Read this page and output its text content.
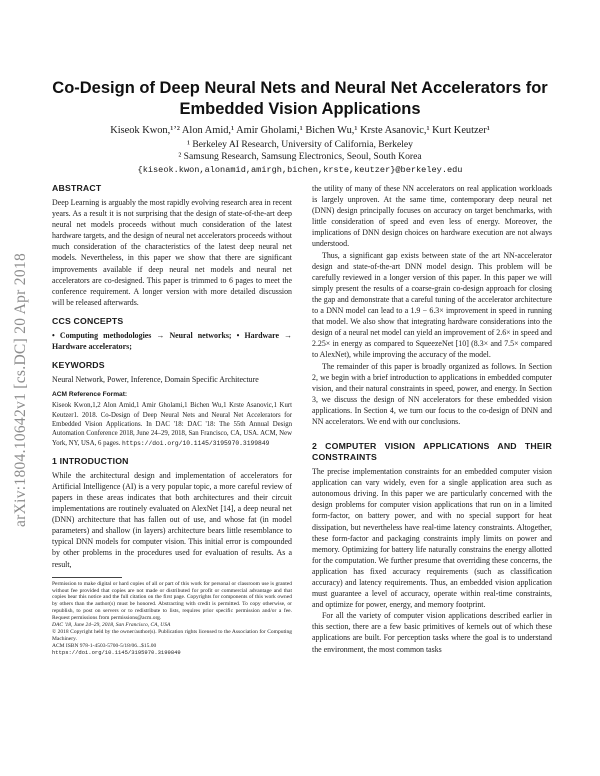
arXiv:1804.10642v1 [cs.DC] 20 Apr 2018
Co-Design of Deep Neural Nets and Neural Net Accelerators for Embedded Vision Applications
Kiseok Kwon,¹ʼ² Alon Amid,¹ Amir Gholami,¹ Bichen Wu,¹ Krste Asanovic,¹ Kurt Keutzer¹
¹ Berkeley AI Research, University of California, Berkeley
² Samsung Research, Samsung Electronics, Seoul, South Korea
{kiseok.kwon,alonamid,amirgh,bichen,krste,keutzer}@berkeley.edu
ABSTRACT

Deep Learning is arguably the most rapidly evolving research area in recent years. As a result it is not surprising that the design of state-of-the-art deep neural net models proceeds without much consideration of the latest hardware targets, and the design of neural net accelerators proceeds without much consideration of the characteristics of the latest deep neural net models. Nevertheless, in this paper we show that there are significant improvements available if deep neural net models and neural net accelerators are co-designed. This paper is trimmed to 6 pages to meet the conference requirement. A longer version with more detailed discussion will be released afterwards.

CCS CONCEPTS

• Computing methodologies → Neural networks; • Hardware → Hardware accelerators;

KEYWORDS

Neural Network, Power, Inference, Domain Specific Architecture

ACM Reference Format:

Kiseok Kwon,1,2 Alon Amid,1 Amir Gholami,1 Bichen Wu,1 Krste Asanovic,1 Kurt Keutzer1. 2018. Co-Design of Deep Neural Nets and Neural Net Accelerators for Embedded Vision Applications. In DAC '18: DAC '18: The 55th Annual Design Automation Conference 2018, June 24–29, 2018, San Francisco, CA, USA. ACM, New York, NY, USA, 6 pages. https://doi.org/10.1145/3195970.3199849

1 INTRODUCTION

While the architectural design and implementation of accelerators for Artificial Intelligence (AI) is a very popular topic, a more careful review of papers in these areas indicates that both architectures and their circuit implementations are routinely evaluated on AlexNet [14], a deep neural net (DNN) architecture that has fallen out of use, and whose fat (in model parameters) and shallow (in layers) architecture bears little resemblance to typical DNN models for computer vision. This initial error is compounded by other problems in the procedures used for evaluation of results. As a result,

Permission to make digital or hard copies of all or part of this work for personal or classroom use is granted without fee provided that copies are not made or distributed for profit or commercial advantage and that copies bear this notice and the full citation on the first page. Copyrights for components of this work owned by others than the author(s) must be honored. Abstracting with credit is permitted. To copy otherwise, or republish, to post on servers or to redistribute to lists, requires prior specific permission and/or a fee. Request permissions from permissions@acm.org.

DAC '18, June 24–29, 2018, San Francisco, CA, USA

© 2018 Copyright held by the owner/author(s). Publication rights licensed to the Association for Computing Machinery.

ACM ISBN 978-1-4503-5700-5/18/06...$15.00

https://doi.org/10.1145/3195970.3199849

the utility of many of these NN accelerators on real application workloads is largely unproven. At the same time, contemporary deep neural net (DNN) design principally focuses on accuracy on target benchmarks, with little consideration of speed and even less of energy. Moreover, the implications of DNN design choices on hardware execution are not always understood.

Thus, a significant gap exists between state of the art NN-accelerator design and state-of-the-art DNN model design. This problem will be carefully reviewed in a longer version of this paper. In this paper we will simply present the results of a coarse-grain co-design approach for closing the gap and demonstrate that a careful tuning of the accelerator architecture to a DNN model can lead to a 1.9 − 6.3× improvement in speed in running that model. We also show that integrating hardware considerations into the design of a neural net model can yield an improvement of 2.6× in speed and 2.25× in energy as compared to SqueezeNet [10] (8.3× and 7.5× compared to AlexNet), while improving the accuracy of the model.

The remainder of this paper is broadly organized as follows. In Section 2, we begin with a brief introduction to applications in embedded computer vision, and their natural constraints in speed, power, and energy. In Section 3, we discuss the design of NN accelerators for these embedded vision applications. In Section 4, we turn our focus to the co-design of DNN and NN accelerators. We end with our conclusions.

2 COMPUTER VISION APPLICATIONS AND THEIR CONSTRAINTS

The precise implementation constraints for an embedded computer vision application can vary widely, even for a single application area such as autonomous driving. In this paper we are particularly concerned with the design problems for computer vision applications that run on in a limited form-factor, on battery power, and with no special support for heat dissipation, but nevertheless have real-time latency constraints. Altogether, these form-factor and packaging constraints imply limits on power and memory. Optimizing for battery life naturally constrains the energy allotted for the computation. We further presume that overriding these concerns, the application has fixed accuracy requirements (such as classification accuracy) and latency requirements. Thus, an embedded vision application must guarantee a level of accuracy, operate within real-time constraints, and optimize for power, energy, and memory footprint.

For all the variety of computer vision applications described earlier in this section, there are a few basic primitives of kernels out of which these applications are built. For perception tasks where the goal is to understand the environment, the most common tasks
